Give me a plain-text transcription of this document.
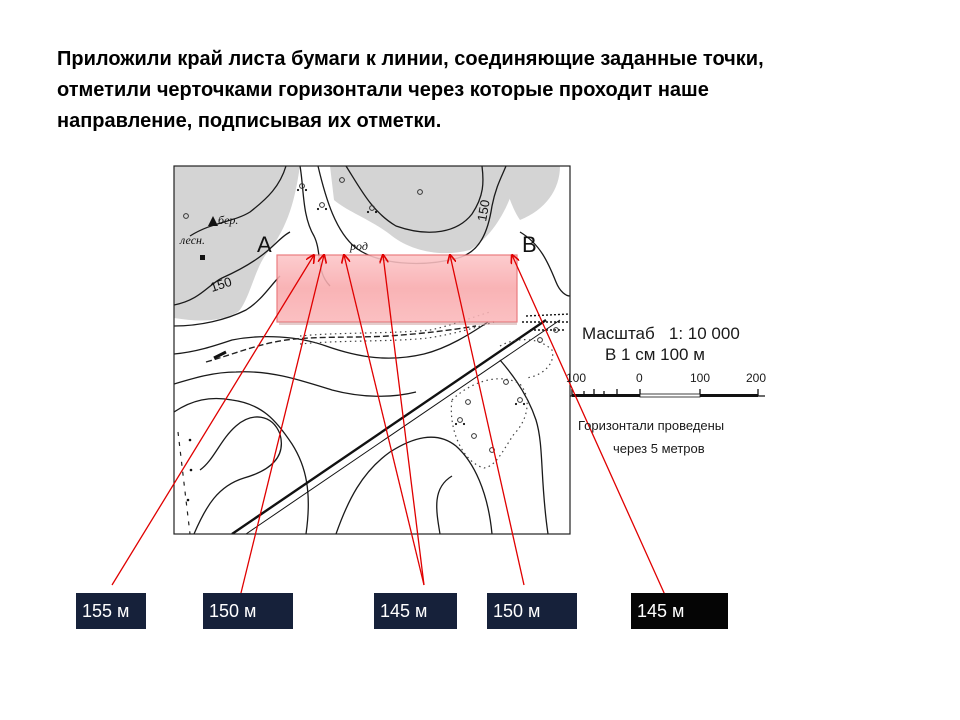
Приложили край листа бумаги к линии, соединяющие заданные точки,
отметили черточками горизонтали через которые проходит наше
направление, подписывая их отметки.
A	B
150
150
лесн.
бер.
род
Масштаб   1: 10 000
В 1 см 100 м
100	0	100	200
Горизонтали проведены
через 5 метров
155 м	150 м	145 м	150 м	145 м
